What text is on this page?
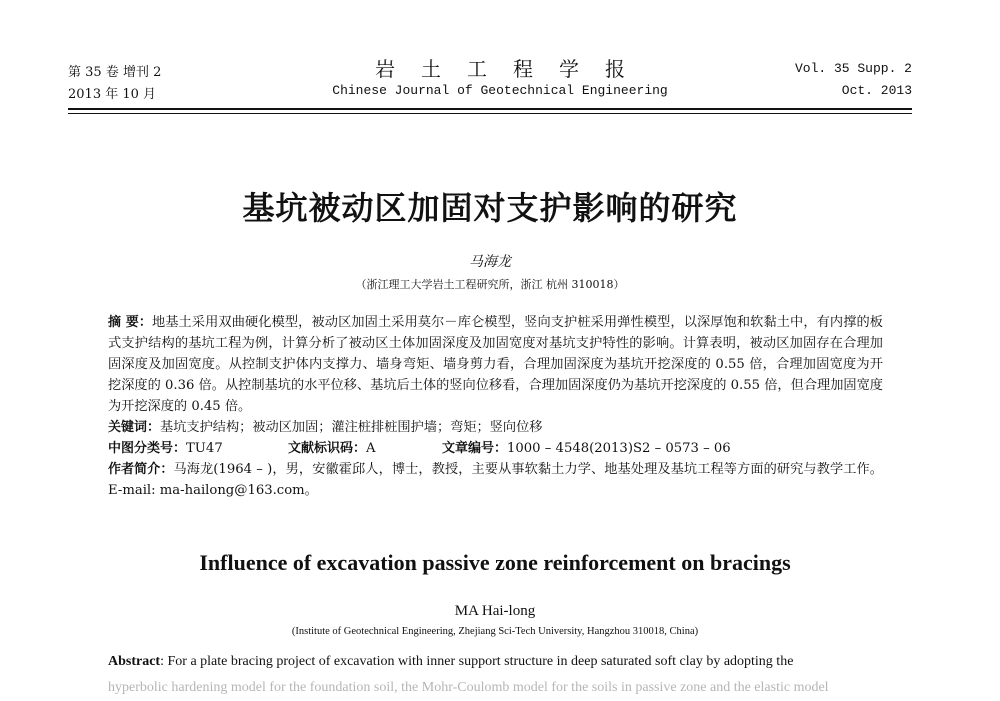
第 35 卷 增刊 2
2013 年 10 月
岩土工程学报
Chinese Journal of Geotechnical Engineering
Vol. 35 Supp. 2
Oct. 2013
基坑被动区加固对支护影响的研究
马海龙
（浙江理工大学岩土工程研究所，浙江 杭州 310018）

摘 要：地基土采用双曲硬化模型，被动区加固土采用莫尔－库仑模型，竖向支护桩采用弹性模型，以深厚饱和软黏土中，有内撑的板式支护结构的基坑工程为例，计算分析了被动区土体加固深度及加固宽度对基坑支护特性的影响。计算表明，被动区加固存在合理加固深度及加固宽度。从控制支护体内支撑力、墙身弯矩、墙身剪力看，合理加固深度为基坑开挖深度的 0.55 倍，合理加固宽度为开挖深度的 0.36 倍。从控制基坑的水平位移、基坑后土体的竖向位移看，合理加固深度仍为基坑开挖深度的 0.55 倍，但合理加固宽度为开挖深度的 0.45 倍。

关键词：基坑支护结构；被动区加固；灌注桩排桩围护墙；弯矩；竖向位移

中图分类号：TU47	文献标识码：A	文章编号：1000 – 4548(2013)S2 – 0573 – 06

作者简介：马海龙(1964 – )，男，安徽霍邱人，博士，教授，主要从事软黏土力学、地基处理及基坑工程等方面的研究与教学工作。E-mail: ma-hailong@163.com。

Influence of excavation passive zone reinforcement on bracings
MA Hai-long
(Institute of Geotechnical Engineering, Zhejiang Sci-Tech University, Hangzhou 310018, China)
Abstract: For a plate bracing project of excavation with inner support structure in deep saturated soft clay by adopting the
hyperbolic hardening model for the foundation soil, the Mohr-Coulomb model for the soils in passive zone and the elastic model
